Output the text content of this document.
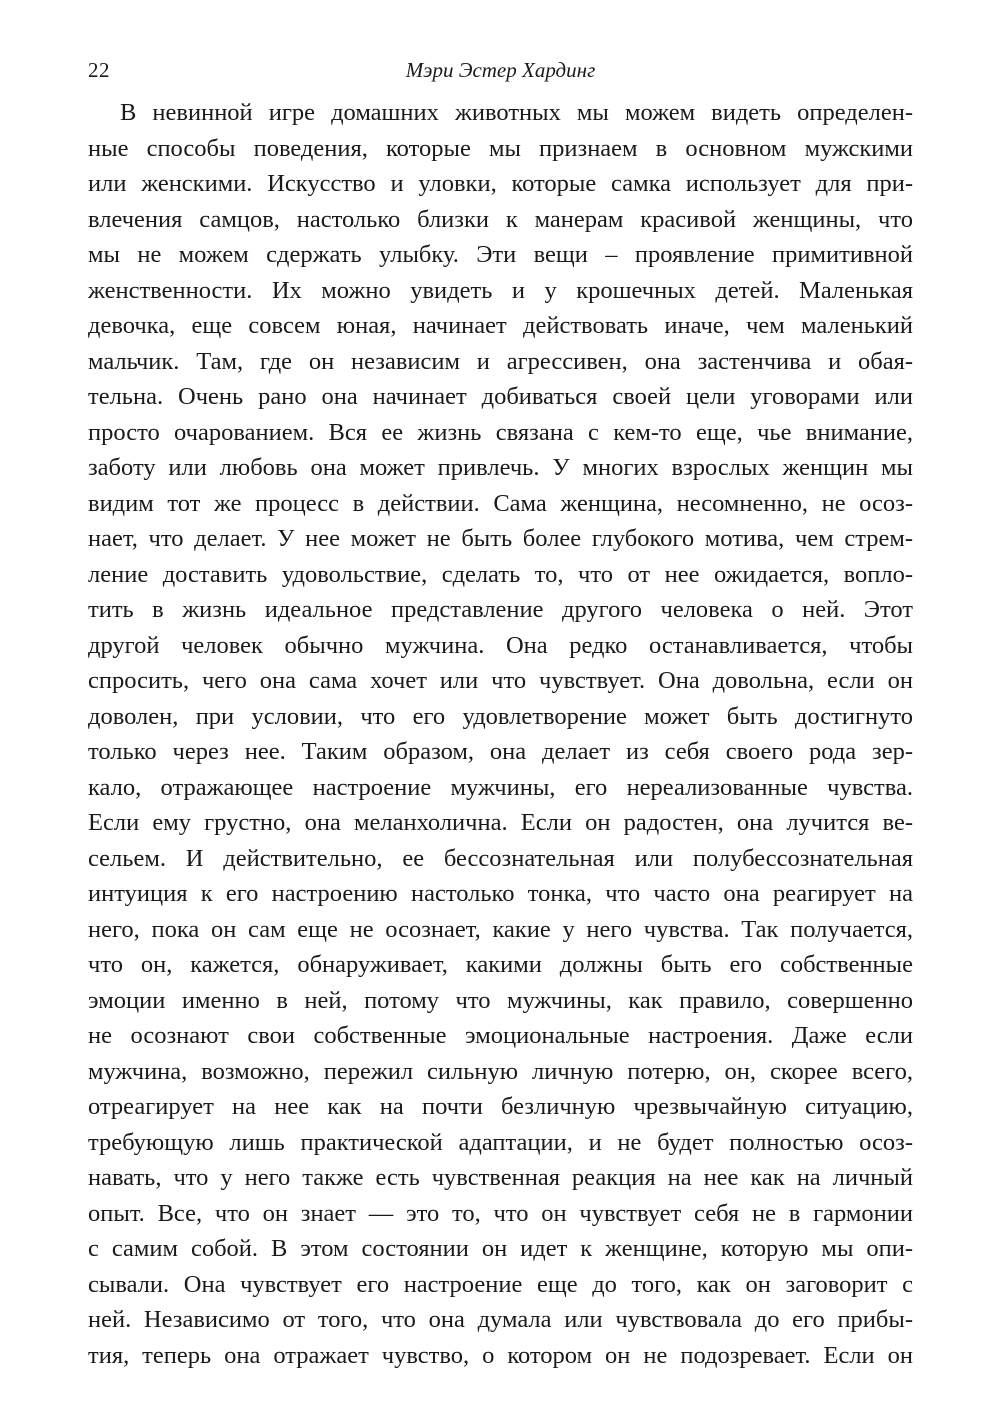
22	Мэри Эстер Хардинг
В невинной игре домашних животных мы можем видеть определен-
ные способы поведения, которые мы признаем в основном мужскими
или женскими. Искусство и уловки, которые самка использует для при-
влечения самцов, настолько близки к манерам красивой женщины, что
мы не можем сдержать улыбку. Эти вещи – проявление примитивной
женственности. Их можно увидеть и у крошечных детей. Маленькая
девочка, еще совсем юная, начинает действовать иначе, чем маленький
мальчик. Там, где он независим и агрессивен, она застенчива и обая-
тельна. Очень рано она начинает добиваться своей цели уговорами или
просто очарованием. Вся ее жизнь связана с кем-то еще, чье внимание,
заботу или любовь она может привлечь. У многих взрослых женщин мы
видим тот же процесс в действии. Сама женщина, несомненно, не осоз-
нает, что делает. У нее может не быть более глубокого мотива, чем стрем-
ление доставить удовольствие, сделать то, что от нее ожидается, вопло-
тить в жизнь идеальное представление другого человека о ней. Этот
другой человек обычно мужчина. Она редко останавливается, чтобы
спросить, чего она сама хочет или что чувствует. Она довольна, если он
доволен, при условии, что его удовлетворение может быть достигнуто
только через нее. Таким образом, она делает из себя своего рода зер-
кало, отражающее настроение мужчины, его нереализованные чувства.
Если ему грустно, она меланхолична. Если он радостен, она лучится ве-
сельем. И действительно, ее бессознательная или полубессознательная
интуиция к его настроению настолько тонка, что часто она реагирует на
него, пока он сам еще не осознает, какие у него чувства. Так получается,
что он, кажется, обнаруживает, какими должны быть его собственные
эмоции именно в ней, потому что мужчины, как правило, совершенно
не осознают свои собственные эмоциональные настроения. Даже если
мужчина, возможно, пережил сильную личную потерю, он, скорее всего,
отреагирует на нее как на почти безличную чрезвычайную ситуацию,
требующую лишь практической адаптации, и не будет полностью осоз-
навать, что у него также есть чувственная реакция на нее как на личный
опыт. Все, что он знает — это то, что он чувствует себя не в гармонии
с самим собой. В этом состоянии он идет к женщине, которую мы опи-
сывали. Она чувствует его настроение еще до того, как он заговорит с
ней. Независимо от того, что она думала или чувствовала до его прибы-
тия, теперь она отражает чувство, о котором он не подозревает. Если он
